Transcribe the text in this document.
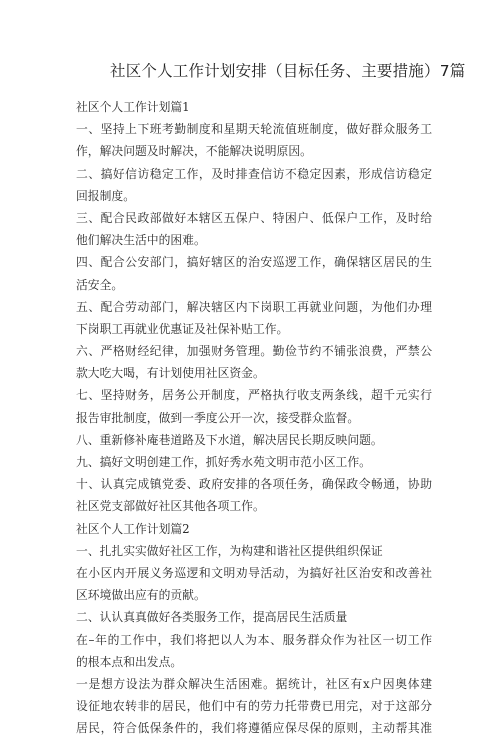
社区个人工作计划安排（目标任务、主要措施）7篇
社区个人工作计划篇1
一、坚持上下班考勤制度和星期天轮流值班制度，做好群众服务工
作，解决问题及时解决，不能解决说明原因。
二、搞好信访稳定工作，及时排查信访不稳定因素，形成信访稳定
回报制度。
三、配合民政部做好本辖区五保户、特困户、低保户工作，及时给
他们解决生活中的困难。
四、配合公安部门，搞好辖区的治安巡逻工作，确保辖区居民的生
活安全。
五、配合劳动部门，解决辖区内下岗职工再就业问题，为他们办理
下岗职工再就业优惠证及社保补贴工作。
六、严格财经纪律，加强财务管理。勤俭节约不铺张浪费，严禁公
款大吃大喝，有计划使用社区资金。
七、坚持财务，居务公开制度，严格执行收支两条线，超千元实行
报告审批制度，做到一季度公开一次，接受群众监督。
八、重新修补庵巷道路及下水道，解决居民长期反映问题。
九、搞好文明创建工作，抓好秀水苑文明市范小区工作。
十、认真完成镇党委、政府安排的各项任务，确保政令畅通，协助
社区党支部做好社区其他各项工作。
社区个人工作计划篇2
一、扎扎实实做好社区工作，为构建和谐社区提供组织保证
在小区内开展义务巡逻和文明劝导活动，为搞好社区治安和改善社
区环境做出应有的贡献。
二、认认真真做好各类服务工作，提高居民生活质量
在–年的工作中，我们将把以人为本、服务群众作为社区一切工作
的根本点和出发点。
一是想方设法为群众解决生活困难。据统计，社区有x户因奥体建
设征地农转非的居民，他们中有的劳力托带费已用完，对于这部分
居民，符合低保条件的，我们将遵循应保尽保的原则，主动帮其准
